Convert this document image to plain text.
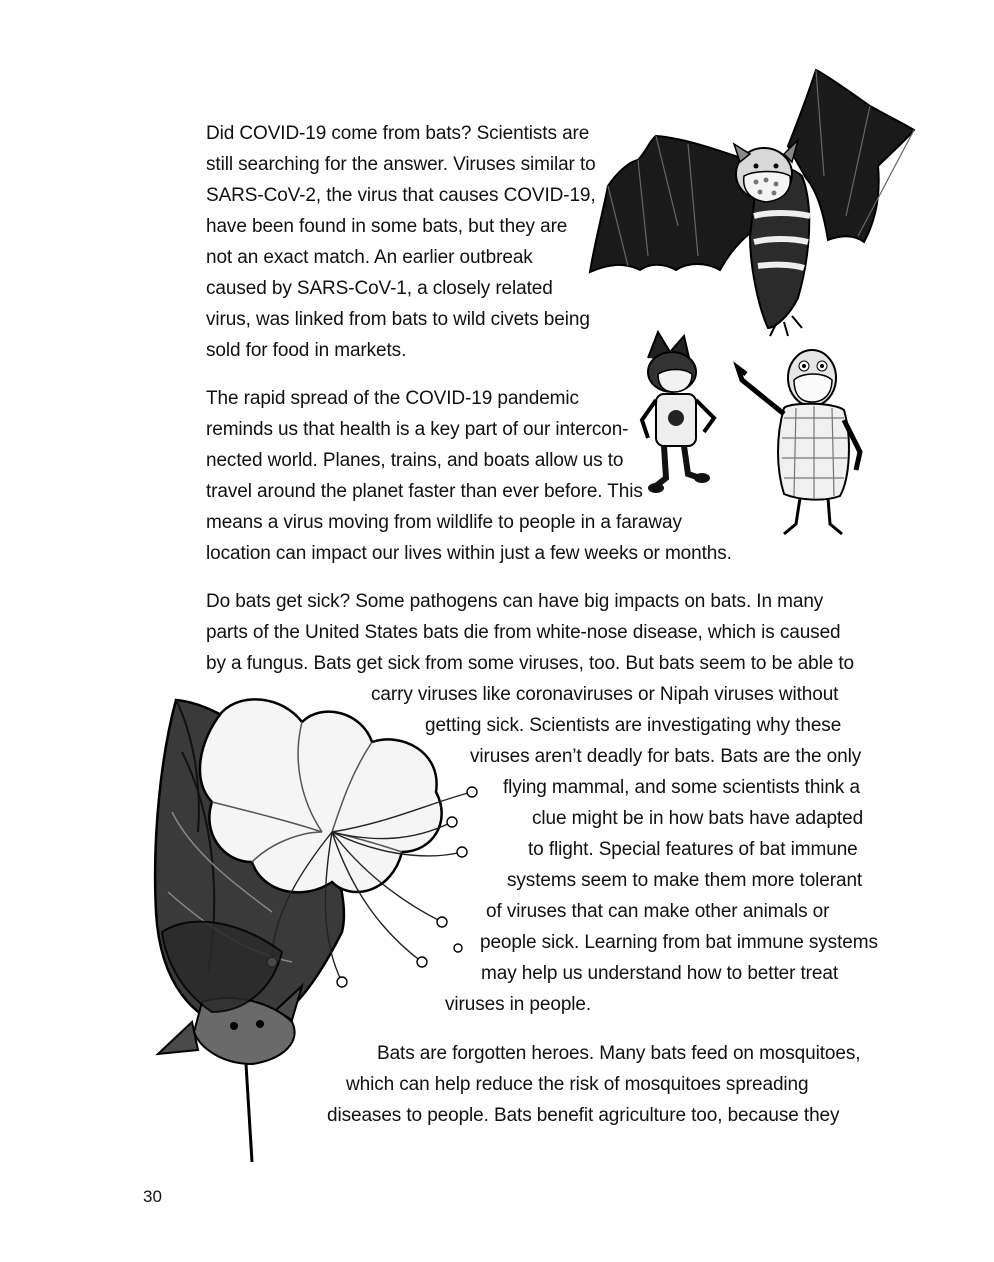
Did COVID-19 come from bats? Scientists are
still searching for the answer. Viruses similar to
SARS-CoV-2, the virus that causes COVID-19,
have been found in some bats, but they are
not an exact match. An earlier outbreak
caused by SARS-CoV-1, a closely related
virus, was linked from bats to wild civets being
sold for food in markets.
The rapid spread of the COVID-19 pandemic
reminds us that health is a key part of our intercon-
nected world. Planes, trains, and boats allow us to
travel around the planet faster than ever before. This
means a virus moving from wildlife to people in a faraway
location can impact our lives within just a few weeks or months.
Do bats get sick? Some pathogens can have big impacts on bats. In many
parts of the United States bats die from white-nose disease, which is caused
by a fungus. Bats get sick from some viruses, too. But bats seem to be able to
carry viruses like coronaviruses or Nipah viruses without
getting sick. Scientists are investigating why these
viruses aren’t deadly for bats. Bats are the only
flying mammal, and some scientists think a
clue might be in how bats have adapted
to flight. Special features of bat immune
systems seem to make them more tolerant
of viruses that can make other animals or
people sick. Learning from bat immune systems
may help us understand how to better treat
viruses in people.
Bats are forgotten heroes. Many bats feed on mosquitoes,
which can help reduce the risk of mosquitoes spreading
diseases to people. Bats benefit agriculture too, because they
30
